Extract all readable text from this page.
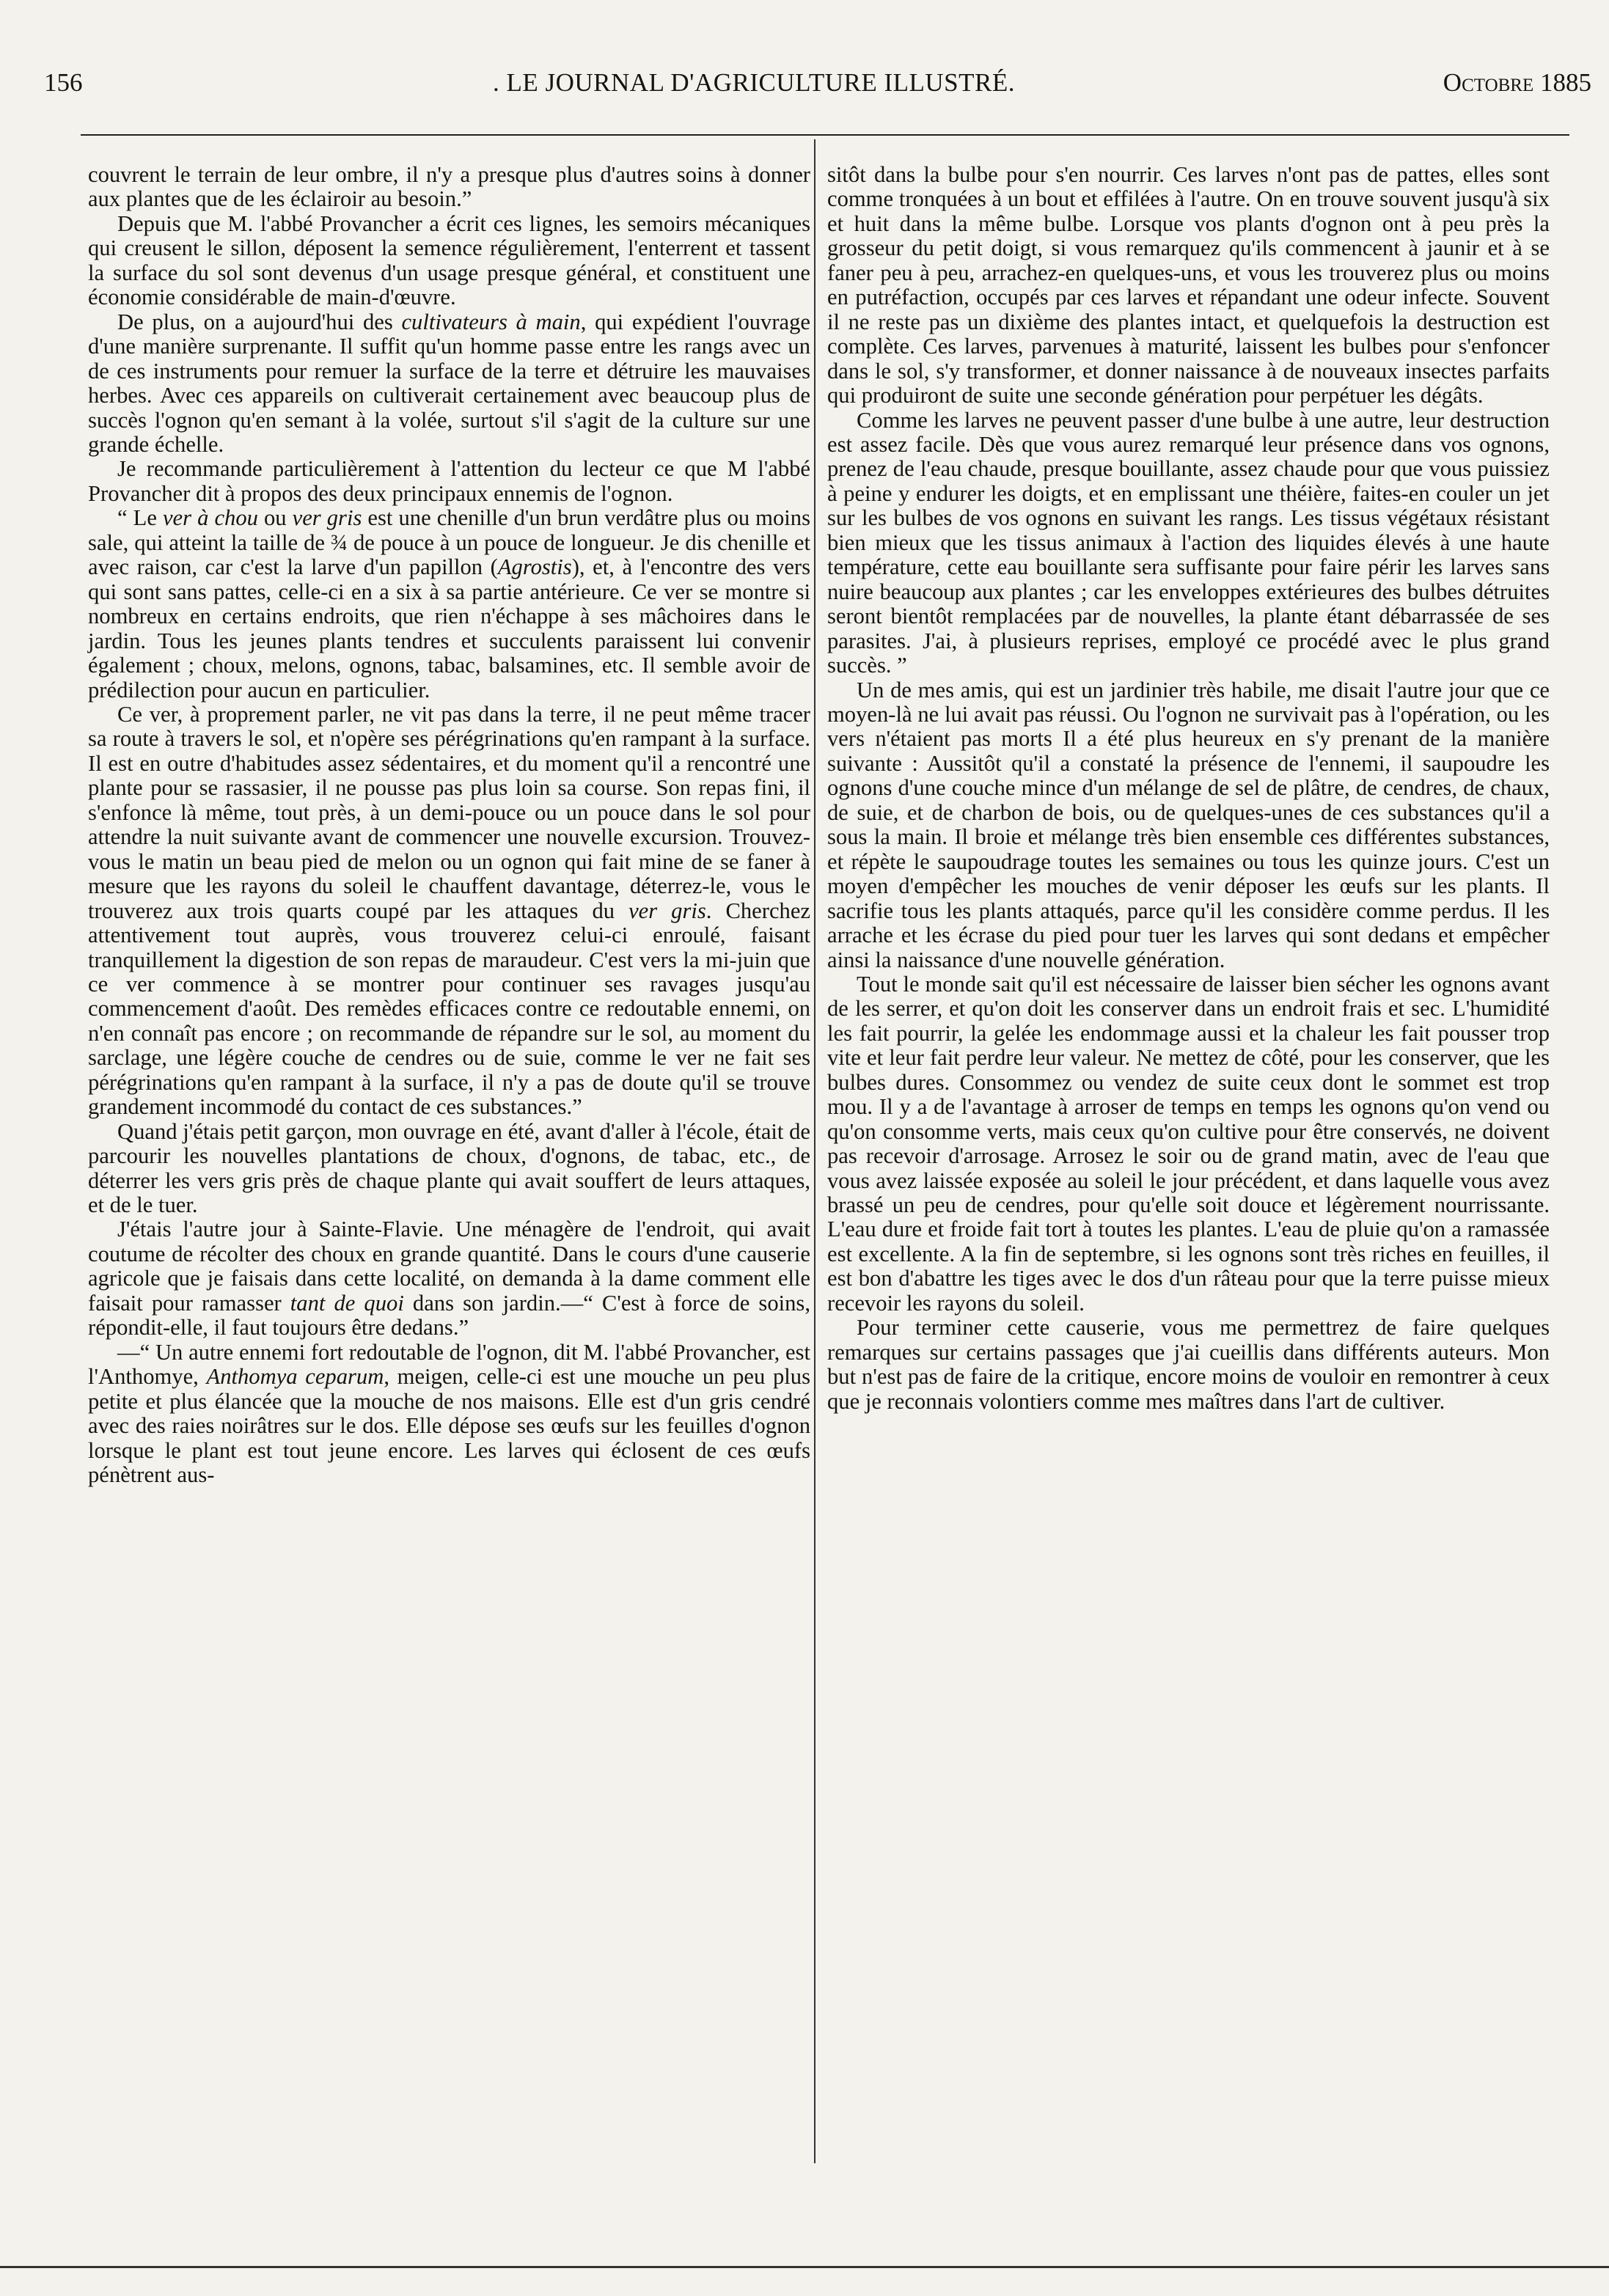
156	. LE JOURNAL D'AGRICULTURE ILLUSTRÉ.	Octobre 1885

couvrent le terrain de leur ombre, il n'y a presque plus d'autres soins à donner aux plantes que de les éclairoir au besoin.”

Depuis que M. l'abbé Provancher a écrit ces lignes, les semoirs mécaniques qui creusent le sillon, déposent la semence régulièrement, l'enterrent et tassent la surface du sol sont devenus d'un usage presque général, et constituent une économie considérable de main-d'œuvre.

De plus, on a aujourd'hui des cultivateurs à main, qui expédient l'ouvrage d'une manière surprenante. Il suffit qu'un homme passe entre les rangs avec un de ces instruments pour remuer la surface de la terre et détruire les mauvaises herbes. Avec ces appareils on cultiverait certainement avec beaucoup plus de succès l'ognon qu'en semant à la volée, surtout s'il s'agit de la culture sur une grande échelle.

Je recommande particulièrement à l'attention du lecteur ce que M l'abbé Provancher dit à propos des deux principaux ennemis de l'ognon.

“ Le ver à chou ou ver gris est une chenille d'un brun verdâtre plus ou moins sale, qui atteint la taille de ¾ de pouce à un pouce de longueur. Je dis chenille et avec raison, car c'est la larve d'un papillon (Agrostis), et, à l'encontre des vers qui sont sans pattes, celle-ci en a six à sa partie antérieure. Ce ver se montre si nombreux en certains endroits, que rien n'échappe à ses mâchoires dans le jardin. Tous les jeunes plants tendres et succulents paraissent lui convenir également ; choux, melons, ognons, tabac, balsamines, etc. Il semble avoir de prédilection pour aucun en particulier.

Ce ver, à proprement parler, ne vit pas dans la terre, il ne peut même tracer sa route à travers le sol, et n'opère ses pérégrinations qu'en rampant à la surface. Il est en outre d'habitudes assez sédentaires, et du moment qu'il a rencontré une plante pour se rassasier, il ne pousse pas plus loin sa course. Son repas fini, il s'enfonce là même, tout près, à un demi-pouce ou un pouce dans le sol pour attendre la nuit suivante avant de commencer une nouvelle excursion. Trouvez-vous le matin un beau pied de melon ou un ognon qui fait mine de se faner à mesure que les rayons du soleil le chauffent davantage, déterrez-le, vous le trouverez aux trois quarts coupé par les attaques du ver gris. Cherchez attentivement tout auprès, vous trouverez celui-ci enroulé, faisant tranquillement la digestion de son repas de maraudeur. C'est vers la mi-juin que ce ver commence à se montrer pour continuer ses ravages jusqu'au commencement d'août. Des remèdes efficaces contre ce redoutable ennemi, on n'en connaît pas encore ; on recommande de répandre sur le sol, au moment du sarclage, une légère couche de cendres ou de suie, comme le ver ne fait ses pérégrinations qu'en rampant à la surface, il n'y a pas de doute qu'il se trouve grandement incommodé du contact de ces substances.”

Quand j'étais petit garçon, mon ouvrage en été, avant d'aller à l'école, était de parcourir les nouvelles plantations de choux, d'ognons, de tabac, etc., de déterrer les vers gris près de chaque plante qui avait souffert de leurs attaques, et de le tuer.

J'étais l'autre jour à Sainte-Flavie. Une ménagère de l'endroit, qui avait coutume de récolter des choux en grande quantité. Dans le cours d'une causerie agricole que je faisais dans cette localité, on demanda à la dame comment elle faisait pour ramasser tant de quoi dans son jardin.—“ C'est à force de soins, répondit-elle, il faut toujours être dedans.”

—“ Un autre ennemi fort redoutable de l'ognon, dit M. l'abbé Provancher, est l'Anthomye, Anthomya ceparum, meigen, celle-ci est une mouche un peu plus petite et plus élancée que la mouche de nos maisons. Elle est d'un gris cendré avec des raies noirâtres sur le dos. Elle dépose ses œufs sur les feuilles d'ognon lorsque le plant est tout jeune encore. Les larves qui éclosent de ces œufs pénètrent aus-

sitôt dans la bulbe pour s'en nourrir. Ces larves n'ont pas de pattes, elles sont comme tronquées à un bout et effilées à l'autre. On en trouve souvent jusqu'à six et huit dans la même bulbe. Lorsque vos plants d'ognon ont à peu près la grosseur du petit doigt, si vous remarquez qu'ils commencent à jaunir et à se faner peu à peu, arrachez-en quelques-uns, et vous les trouverez plus ou moins en putréfaction, occupés par ces larves et répandant une odeur infecte. Souvent il ne reste pas un dixième des plantes intact, et quelquefois la destruction est complète. Ces larves, parvenues à maturité, laissent les bulbes pour s'enfoncer dans le sol, s'y transformer, et donner naissance à de nouveaux insectes parfaits qui produiront de suite une seconde génération pour perpétuer les dégâts.

Comme les larves ne peuvent passer d'une bulbe à une autre, leur destruction est assez facile. Dès que vous aurez remarqué leur présence dans vos ognons, prenez de l'eau chaude, presque bouillante, assez chaude pour que vous puissiez à peine y endurer les doigts, et en emplissant une théière, faites-en couler un jet sur les bulbes de vos ognons en suivant les rangs. Les tissus végétaux résistant bien mieux que les tissus animaux à l'action des liquides élevés à une haute température, cette eau bouillante sera suffisante pour faire périr les larves sans nuire beaucoup aux plantes ; car les enveloppes extérieures des bulbes détruites seront bientôt remplacées par de nouvelles, la plante étant débarrassée de ses parasites. J'ai, à plusieurs reprises, employé ce procédé avec le plus grand succès. ”

Un de mes amis, qui est un jardinier très habile, me disait l'autre jour que ce moyen-là ne lui avait pas réussi. Ou l'ognon ne survivait pas à l'opération, ou les vers n'étaient pas morts Il a été plus heureux en s'y prenant de la manière suivante : Aussitôt qu'il a constaté la présence de l'ennemi, il saupoudre les ognons d'une couche mince d'un mélange de sel de plâtre, de cendres, de chaux, de suie, et de charbon de bois, ou de quelques-unes de ces substances qu'il a sous la main. Il broie et mélange très bien ensemble ces différentes substances, et répète le saupoudrage toutes les semaines ou tous les quinze jours. C'est un moyen d'empêcher les mouches de venir déposer les œufs sur les plants. Il sacrifie tous les plants attaqués, parce qu'il les considère comme perdus. Il les arrache et les écrase du pied pour tuer les larves qui sont dedans et empêcher ainsi la naissance d'une nouvelle génération.

Tout le monde sait qu'il est nécessaire de laisser bien sécher les ognons avant de les serrer, et qu'on doit les conserver dans un endroit frais et sec. L'humidité les fait pourrir, la gelée les endommage aussi et la chaleur les fait pousser trop vite et leur fait perdre leur valeur. Ne mettez de côté, pour les conserver, que les bulbes dures. Consommez ou vendez de suite ceux dont le sommet est trop mou. Il y a de l'avantage à arroser de temps en temps les ognons qu'on vend ou qu'on consomme verts, mais ceux qu'on cultive pour être conservés, ne doivent pas recevoir d'arrosage. Arrosez le soir ou de grand matin, avec de l'eau que vous avez laissée exposée au soleil le jour précédent, et dans laquelle vous avez brassé un peu de cendres, pour qu'elle soit douce et légèrement nourrissante. L'eau dure et froide fait tort à toutes les plantes. L'eau de pluie qu'on a ramassée est excellente. A la fin de septembre, si les ognons sont très riches en feuilles, il est bon d'abattre les tiges avec le dos d'un râteau pour que la terre puisse mieux recevoir les rayons du soleil.

Pour terminer cette causerie, vous me permettrez de faire quelques remarques sur certains passages que j'ai cueillis dans différents auteurs. Mon but n'est pas de faire de la critique, encore moins de vouloir en remontrer à ceux que je reconnais volontiers comme mes maîtres dans l'art de cultiver.
